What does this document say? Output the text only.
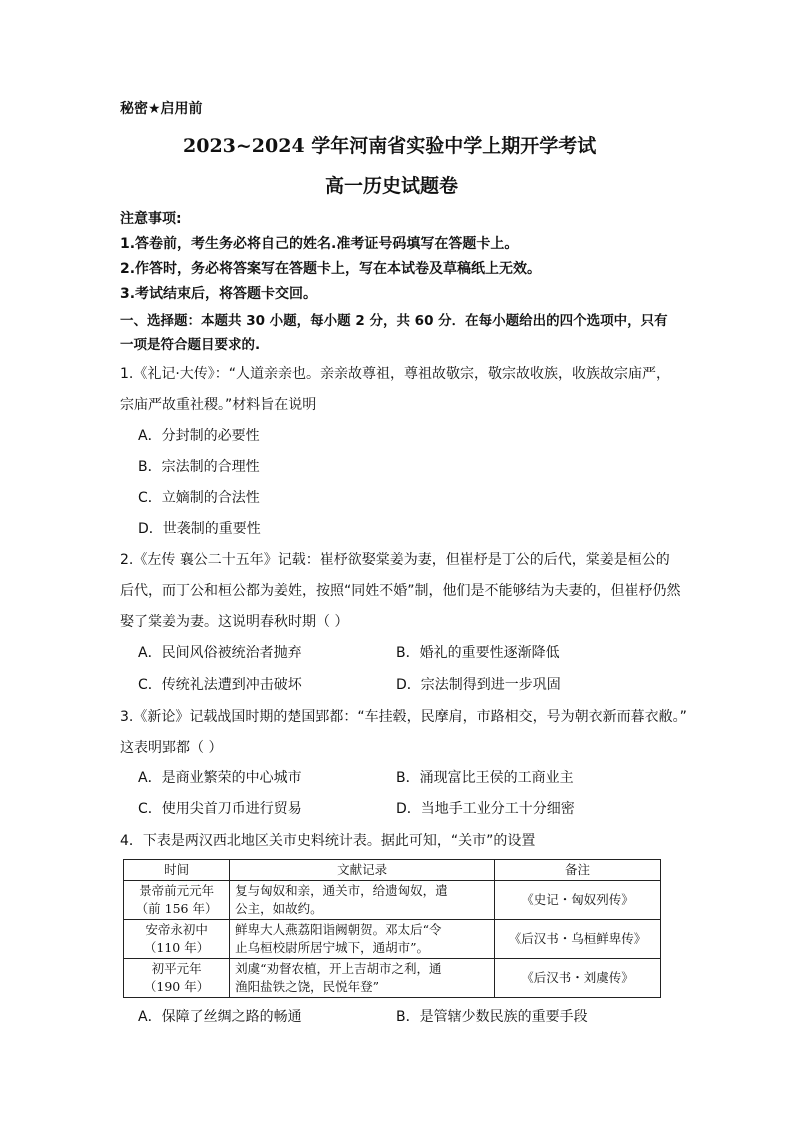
秘密★启用前
2023~2024 学年河南省实验中学上期开学考试
高一历史试题卷
注意事项:
1.答卷前，考生务必将自己的姓名.准考证号码填写在答题卡上。
2.作答时，务必将答案写在答题卡上，写在本试卷及草稿纸上无效。
3.考试结束后，将答题卡交回。
一、选择题：本题共 30 小题，每小题 2 分，共 60 分．在每小题给出的四个选项中，只有
一项是符合题目要求的.
1.《礼记·大传》：“人道亲亲也。亲亲故尊祖，尊祖故敬宗，敬宗故收族，收族故宗庙严，
宗庙严故重社稷。”材料旨在说明
A．分封制的必要性
B．宗法制的合理性
C．立嫡制的合法性
D．世袭制的重要性
2.《左传 襄公二十五年》记载：崔杼欲娶棠姜为妻，但崔杼是丁公的后代，棠姜是桓公的
后代，而丁公和桓公都为姜姓，按照“同姓不婚”制，他们是不能够结为夫妻的，但崔杼仍然
娶了棠姜为妻。这说明春秋时期（ ）
A．民间风俗被统治者抛弃	B．婚礼的重要性逐渐降低
C．传统礼法遭到冲击破坏	D．宗法制得到进一步巩固
3.《新论》记载战国时期的楚国郢都：“车挂毂，民摩肩，市路相交，号为朝衣新而暮衣敝。”
这表明郢都（ ）
A．是商业繁荣的中心城市	B．涌现富比王侯的工商业主
C．使用尖首刀币进行贸易	D．当地手工业分工十分细密
4．下表是两汉西北地区关市史料统计表。据此可知，“关市”的设置
时间	文献记录	备注
景帝前元元年
（前 156 年）	复与匈奴和亲，通关市，给遗匈奴，遣
公主，如故约。	《史记・匈奴列传》
安帝永初中
（110 年）	鲜卑大人燕荔阳诣阙朝贺。邓太后“令
止乌桓校尉所居宁城下，通胡市”。	《后汉书・乌桓鲜卑传》
初平元年
（190 年）	刘虞“劝督农植，开上吉胡市之利，通
渔阳盐铁之饶，民悦年登”	《后汉书・刘虞传》
A．保障了丝绸之路的畅通	B．是管辖少数民族的重要手段
